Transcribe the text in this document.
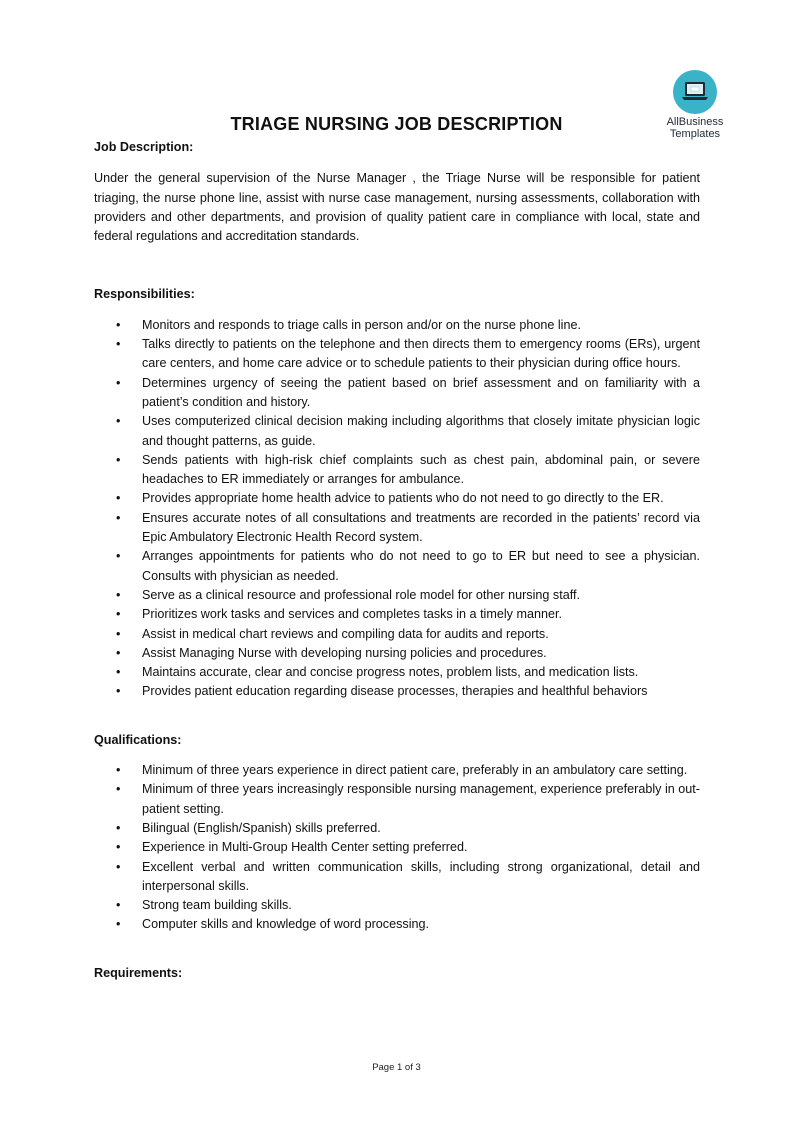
AllBusiness
Templates
TRIAGE NURSING JOB DESCRIPTION

Job Description:

Under the general supervision of the Nurse Manager , the Triage Nurse will be responsible for patient triaging, the nurse phone line, assist with nurse case management, nursing assessments, collaboration with providers and other departments, and provision of quality patient care in compliance with local, state and federal regulations and accreditation standards.

Responsibilities:

• Monitors and responds to triage calls in person and/or on the nurse phone line.
• Talks directly to patients on the telephone and then directs them to emergency rooms (ERs), urgent care centers, and home care advice or to schedule patients to their physician during office hours.
• Determines urgency of seeing the patient based on brief assessment and on familiarity with a patient’s condition and history.
• Uses computerized clinical decision making including algorithms that closely imitate physician logic and thought patterns, as guide.
• Sends patients with high-risk chief complaints such as chest pain, abdominal pain, or severe headaches to ER immediately or arranges for ambulance.
• Provides appropriate home health advice to patients who do not need to go directly to the ER.
• Ensures accurate notes of all consultations and treatments are recorded in the patients’ record via Epic Ambulatory Electronic Health Record system.
• Arranges appointments for patients who do not need to go to ER but need to see a physician. Consults with physician as needed.
• Serve as a clinical resource and professional role model for other nursing staff.
• Prioritizes work tasks and services and completes tasks in a timely manner.
• Assist in medical chart reviews and compiling data for audits and reports.
• Assist Managing Nurse with developing nursing policies and procedures.
• Maintains accurate, clear and concise progress notes, problem lists, and medication lists.
• Provides patient education regarding disease processes, therapies and healthful behaviors

Qualifications:

• Minimum of three years experience in direct patient care, preferably in an ambulatory care setting.
• Minimum of three years increasingly responsible nursing management, experience preferably in out-patient setting.
• Bilingual (English/Spanish) skills preferred.
• Experience in Multi-Group Health Center setting preferred.
• Excellent verbal and written communication skills, including strong organizational, detail and interpersonal skills.
• Strong team building skills.
• Computer skills and knowledge of word processing.

Requirements:

Page 1 of 3
